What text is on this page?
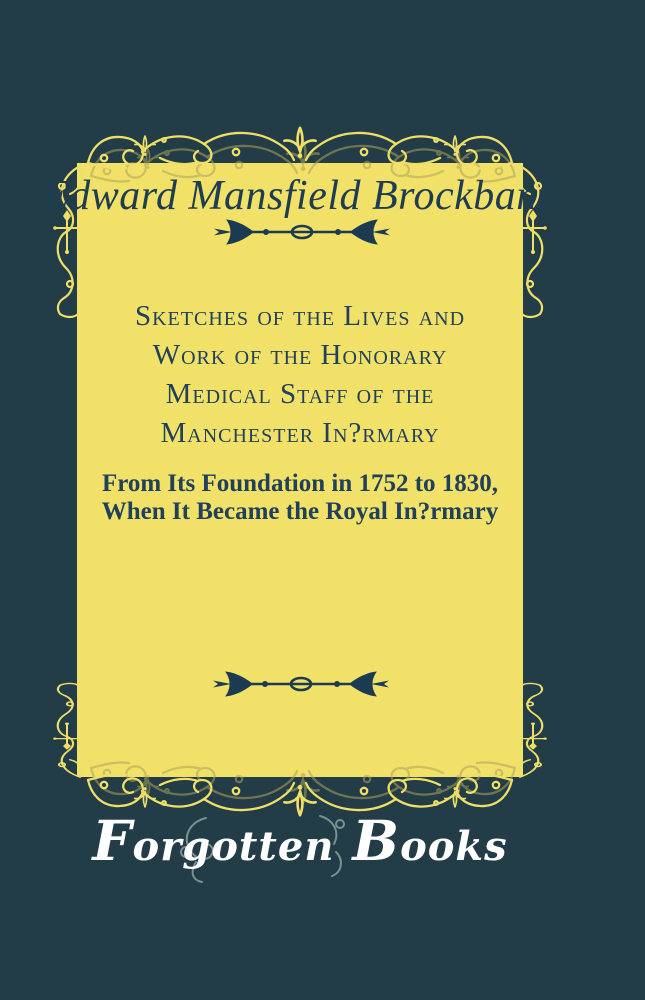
Edward Mansfield Brockbank
Sketches of the Lives and
Work of the Honorary
Medical Staff of the
Manchester In?rmary
From Its Foundation in 1752 to 1830,
When It Became the Royal In?rmary
Forgotten Books
